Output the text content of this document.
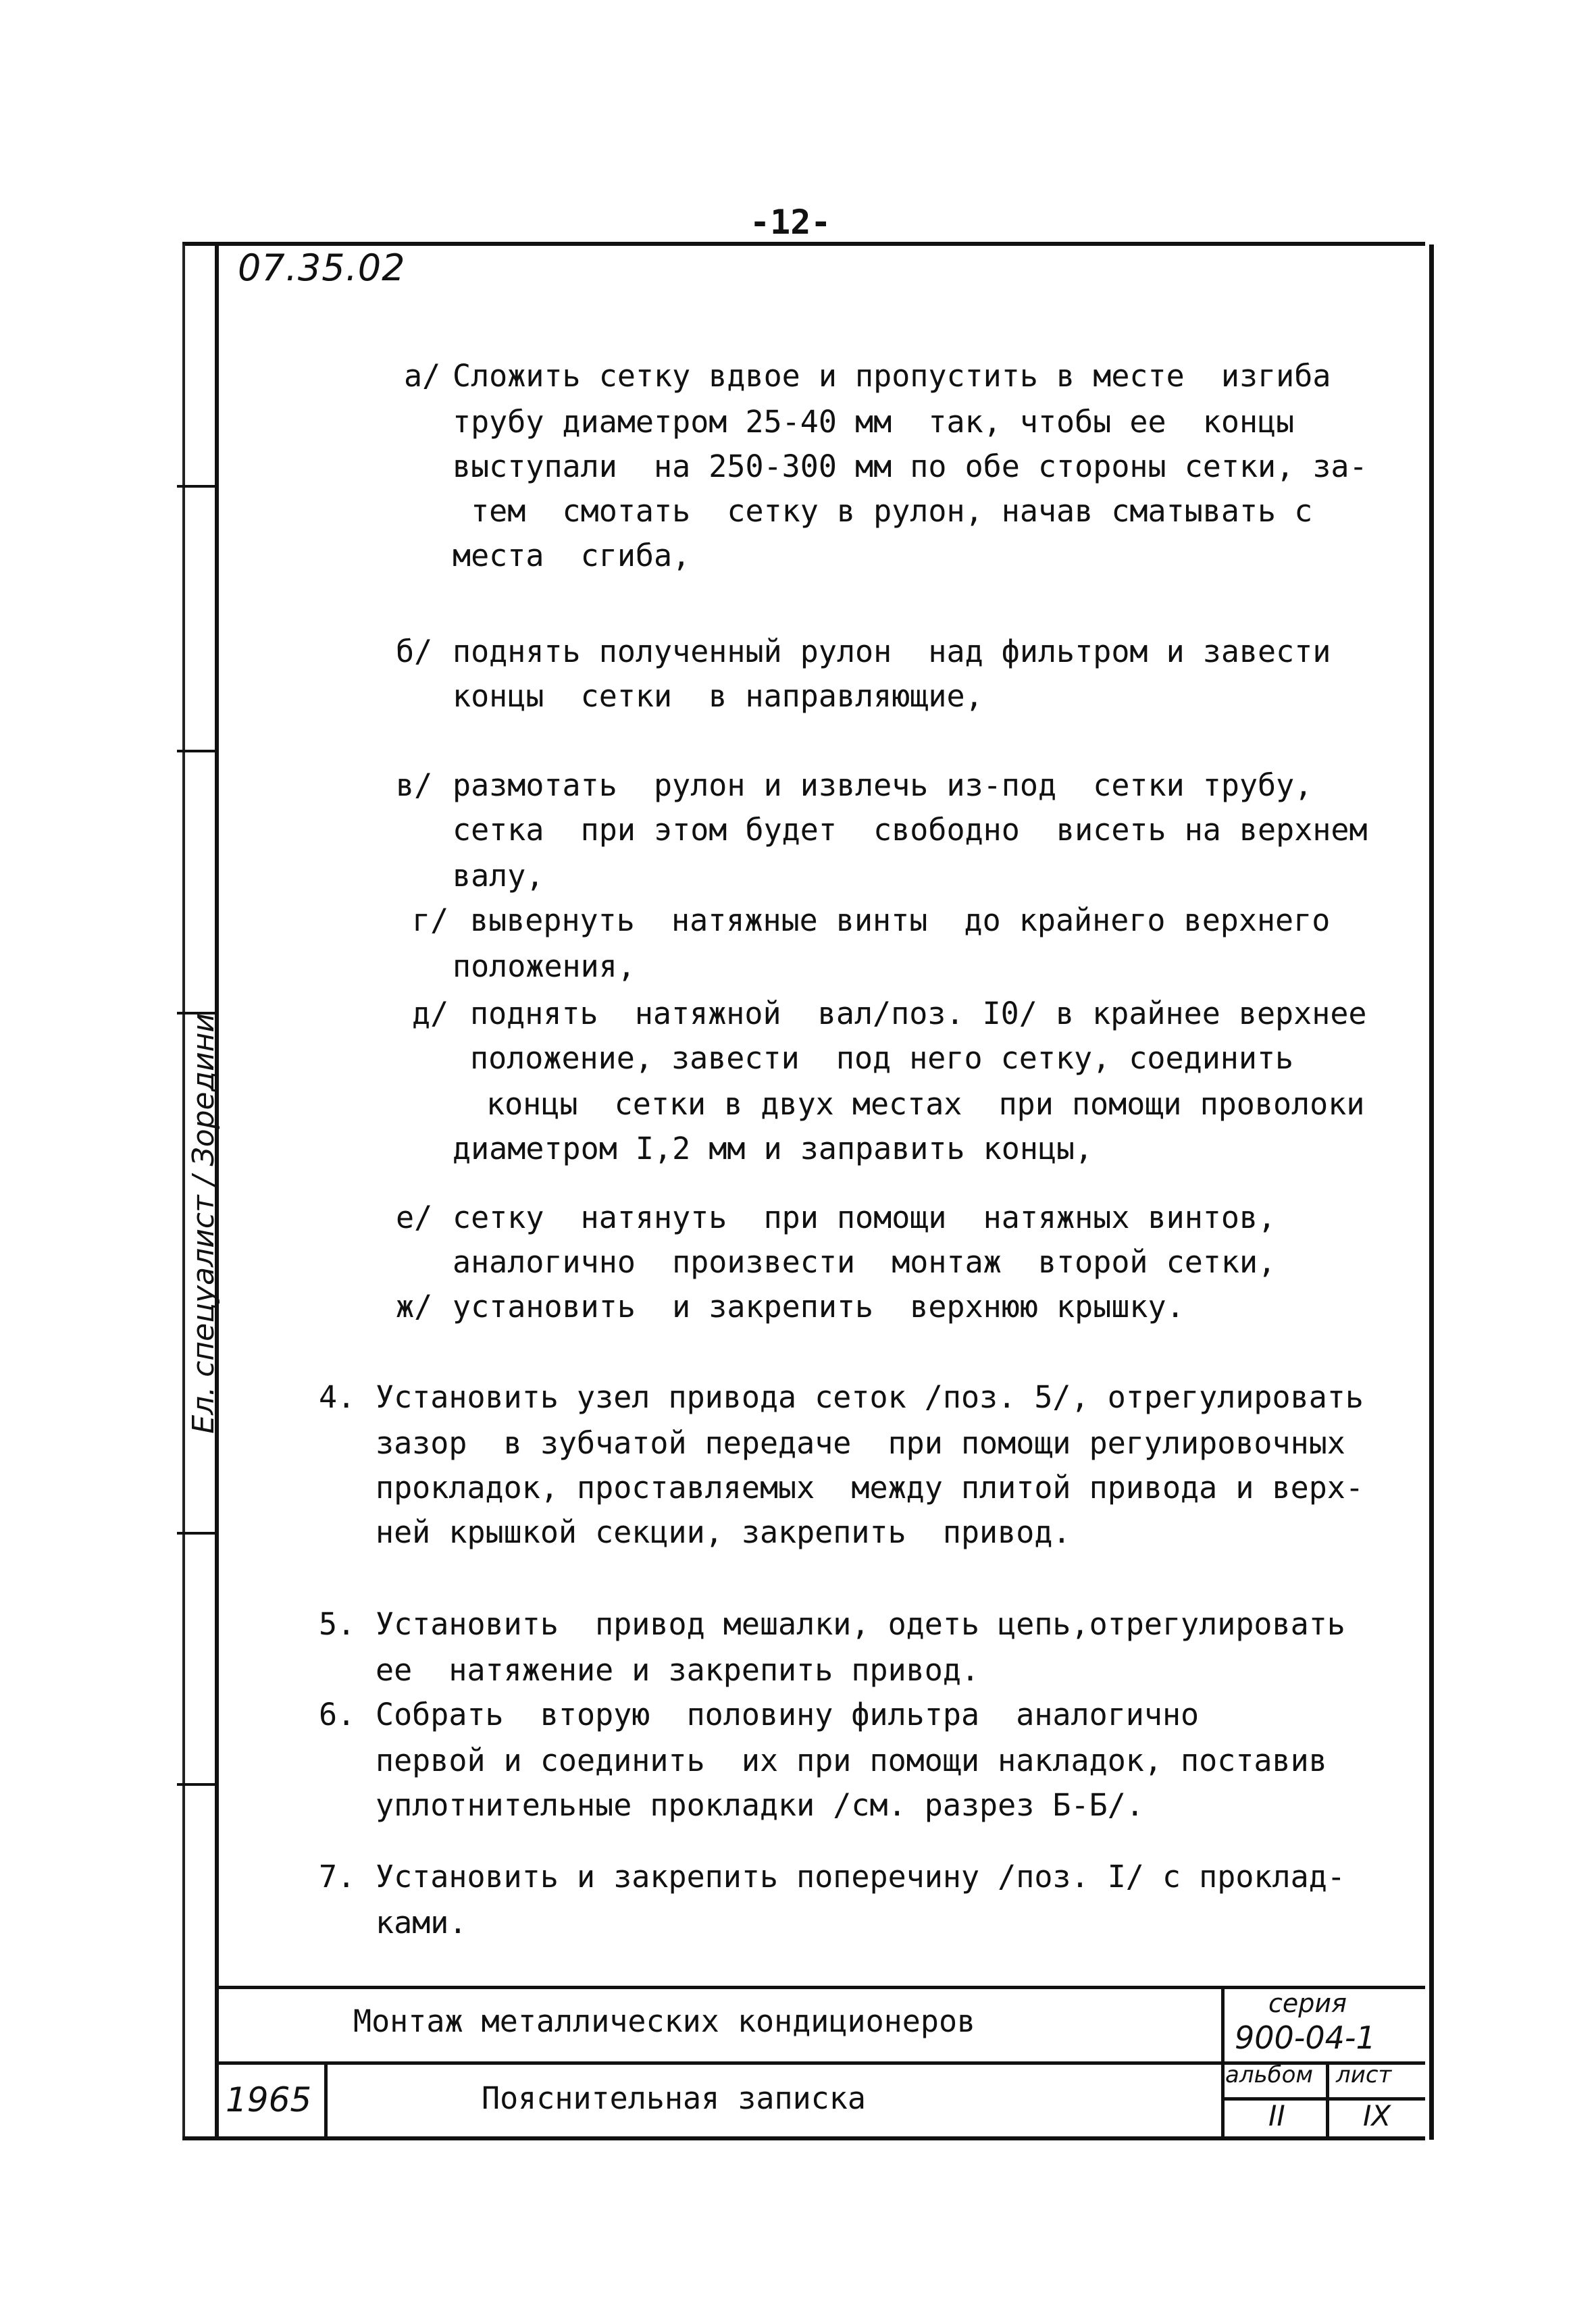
-12-
07.35.02
Ел. спецуалист / Зоредини
а/ Сложить сетку вдвое и пропустить в месте  изгиба
трубу диаметром 25-40 мм  так, чтобы ее  концы
выступали  на 250-300 мм по обе стороны сетки, за-
тем  смотать  сетку в рулон, начав сматывать с
места  сгиба,
б/ поднять полученный рулон  над фильтром и завести
концы  сетки  в направляющие,
в/ размотать  рулон и извлечь из-под  сетки трубу,
сетка  при этом будет  свободно  висеть на верхнем
валу,
г/ вывернуть  натяжные винты  до крайнего верхнего
положения,
д/ поднять  натяжной  вал/поз. I0/ в крайнее верхнее
положение, завести  под него сетку, соединить
концы  сетки в двух местах  при помощи проволоки
диаметром I,2 мм и заправить концы,
е/ сетку  натянуть  при помощи  натяжных винтов,
аналогично  произвести  монтаж  второй сетки,
ж/ установить  и закрепить  верхнюю крышку.
4. Установить узел привода сеток /поз. 5/, отрегулировать
зазор  в зубчатой передаче  при помощи регулировочных
прокладок, проставляемых  между плитой привода и верх-
ней крышкой секции, закрепить  привод.
5. Установить  привод мешалки, одеть цепь,отрегулировать
ее  натяжение и закрепить привод.
6. Собрать  вторую  половину фильтра  аналогично
первой и соединить  их при помощи накладок, поставив
уплотнительные прокладки /см. разрез Б-Б/.
7. Установить и закрепить поперечину /поз. I/ с проклад-
ками.
Монтаж металлических кондиционеров	серия
900-04-1
1965	Пояснительная записка
альбом
II
лист
IX
